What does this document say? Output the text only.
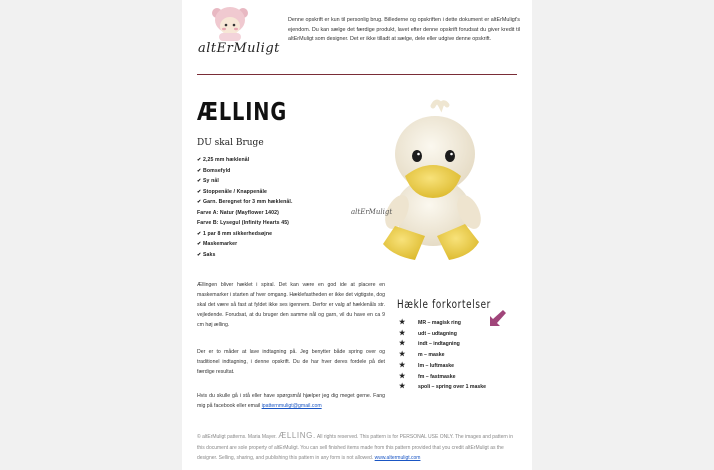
altErMuligt
Denne opskrift er kun til personlig brug. Billederne og opskriften i dette dokument er altErMuligt's ejendom. Du kan sælge det færdige produkt, lavet efter denne opskrift forudsat du giver kredit til altErMuligt som designer. Det er ikke tilladt at sælge, dele eller udgive denne opskrift.
ÆLLING
DU skal Bruge
✔ 2,25 mm hæklenål
✔ Bomsefyld
✔ Sy nål
✔ Stoppenåle / Knappenåle
✔ Garn. Beregnet for 3 mm hæklenål.
Farve A: Natur (Mayflower 1402)
Farve B: Lysegul (Infinity Hearts 45)
✔ 1 par 8 mm sikkerhedsøjne
✔ Maskemarker
✔ Saks
altErMuligt
Ællingen bliver hæklet i spiral. Det kan være en god ide at placere en maskemarker i starten af hver omgang. Hæklefastheden er ikke det vigtigste, dog skal det være så fast at fyldet ikke ses igennem. Derfor er valg af hæklenåls str. vejledende. Forudsat, at du bruger den samme nål og garn, vil du have en ca 9 cm høj ælling.
Der er to måder at lave indtagning på. Jeg benytter både spring over og traditionel indtagning, i denne opskrift. Du de har hver deres fordele på det færdige resultat.
Hvis du skulle gå i stå eller have spørgsmål hjælper jeg dig meget gerne. Fang mig på facebook eller email ipatternmuligt@gmail.com
Hækle forkortelser
★ MR – magisk ring
★ udt – udtagning
★ indt – indtagning
★ m – maske
★ lm – luftmaske
★ fm – fastmaske
★ spoli – spring over 1 maske
© altErMuligt patterns. Maria Mayer. ÆLLING. All rights reserved. This pattern is for PERSONAL USE ONLY. The images and pattern in this document are sole property of altErMuligt. You can sell finished items made from this pattern provided that you credit altErMuligt as the designer. Selling, sharing, and publishing this pattern in any form is not allowed. www.altermuligt.com
